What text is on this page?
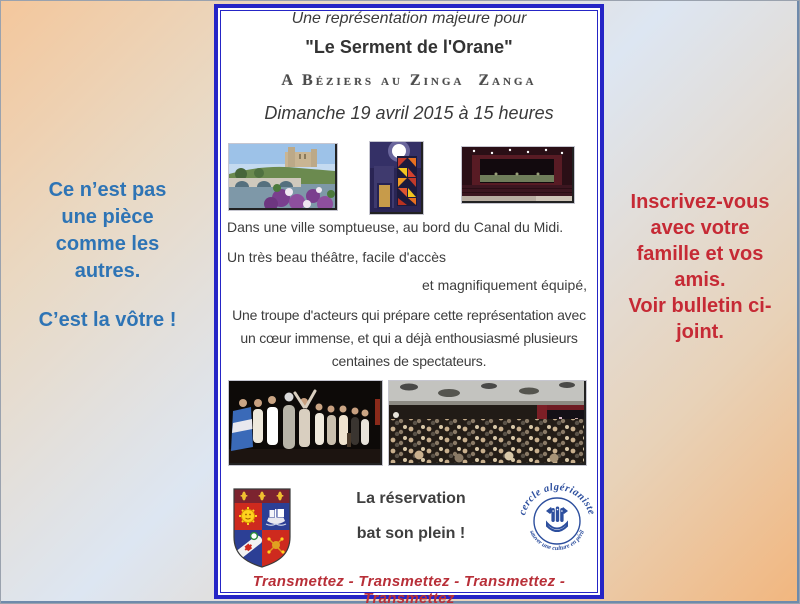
Ce n’est pas
une pièce
comme les
autres.
C’est la vôtre !
Inscrivez-vous
avec votre
famille et vos
amis.
Voir bulletin ci-
joint.
Une représentation majeure pour
"Le Serment de l'Orane"
A Béziers au Zinga  Zanga
Dimanche 19 avril 2015 à 15 heures
Dans une ville somptueuse, au bord du Canal du Midi.
Un très beau théâtre, facile d'accès
et magnifiquement équipé,
Une troupe d'acteurs qui prépare cette représentation avec
un cœur immense, et qui a déjà enthousiasmé plusieurs
centaines de spectateurs.
La réservation
bat son plein !
cercle algérianiste
sauver une culture en péril
Transmettez - Transmettez - Transmettez - Transmettez
